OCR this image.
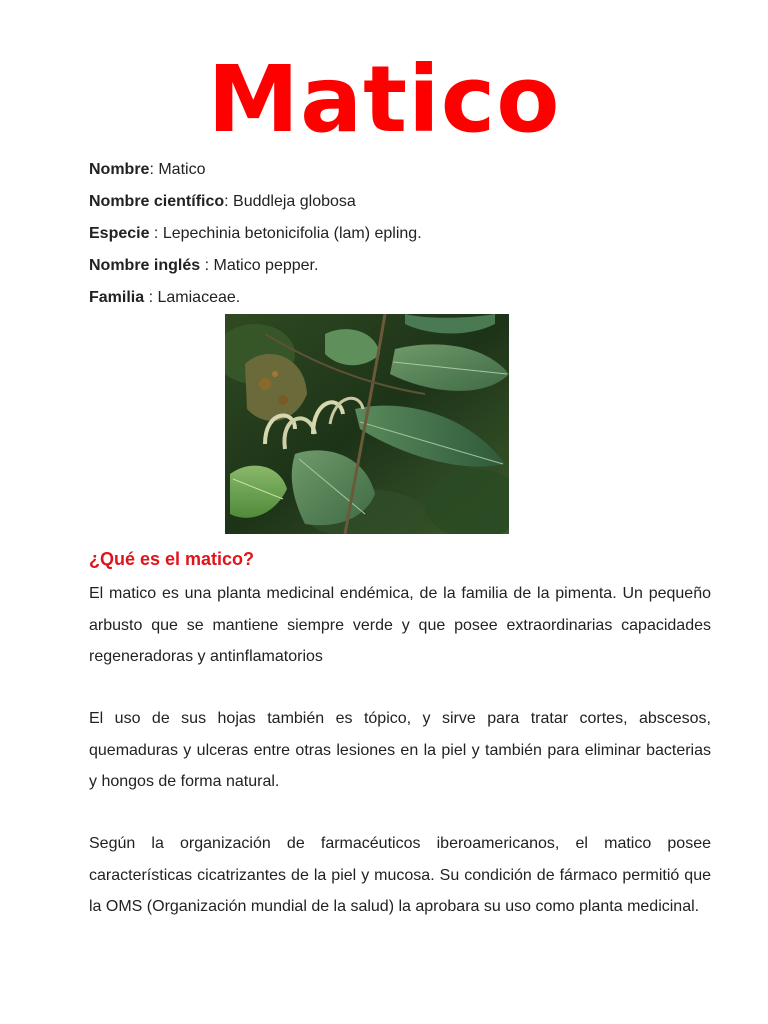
Matico
Nombre: Matico
Nombre científico: Buddleja globosa
Especie : Lepechinia betonicifolia (lam) epling.
Nombre inglés : Matico pepper.
Familia : Lamiaceae.
¿Qué es el matico?

El matico es una planta medicinal endémica, de la familia de la pimenta. Un pequeño arbusto que se mantiene siempre verde y que posee extraordinarias capacidades regeneradoras y antinflamatorios

El uso de sus hojas también es tópico, y sirve para tratar cortes, abscesos, quemaduras y ulceras entre otras lesiones en la piel y también para eliminar bacterias y hongos de forma natural.

Según la organización de farmacéuticos iberoamericanos, el matico posee características cicatrizantes de la piel y mucosa. Su condición de fármaco permitió que la OMS (Organización mundial de la salud) la aprobara su uso como planta medicinal.
